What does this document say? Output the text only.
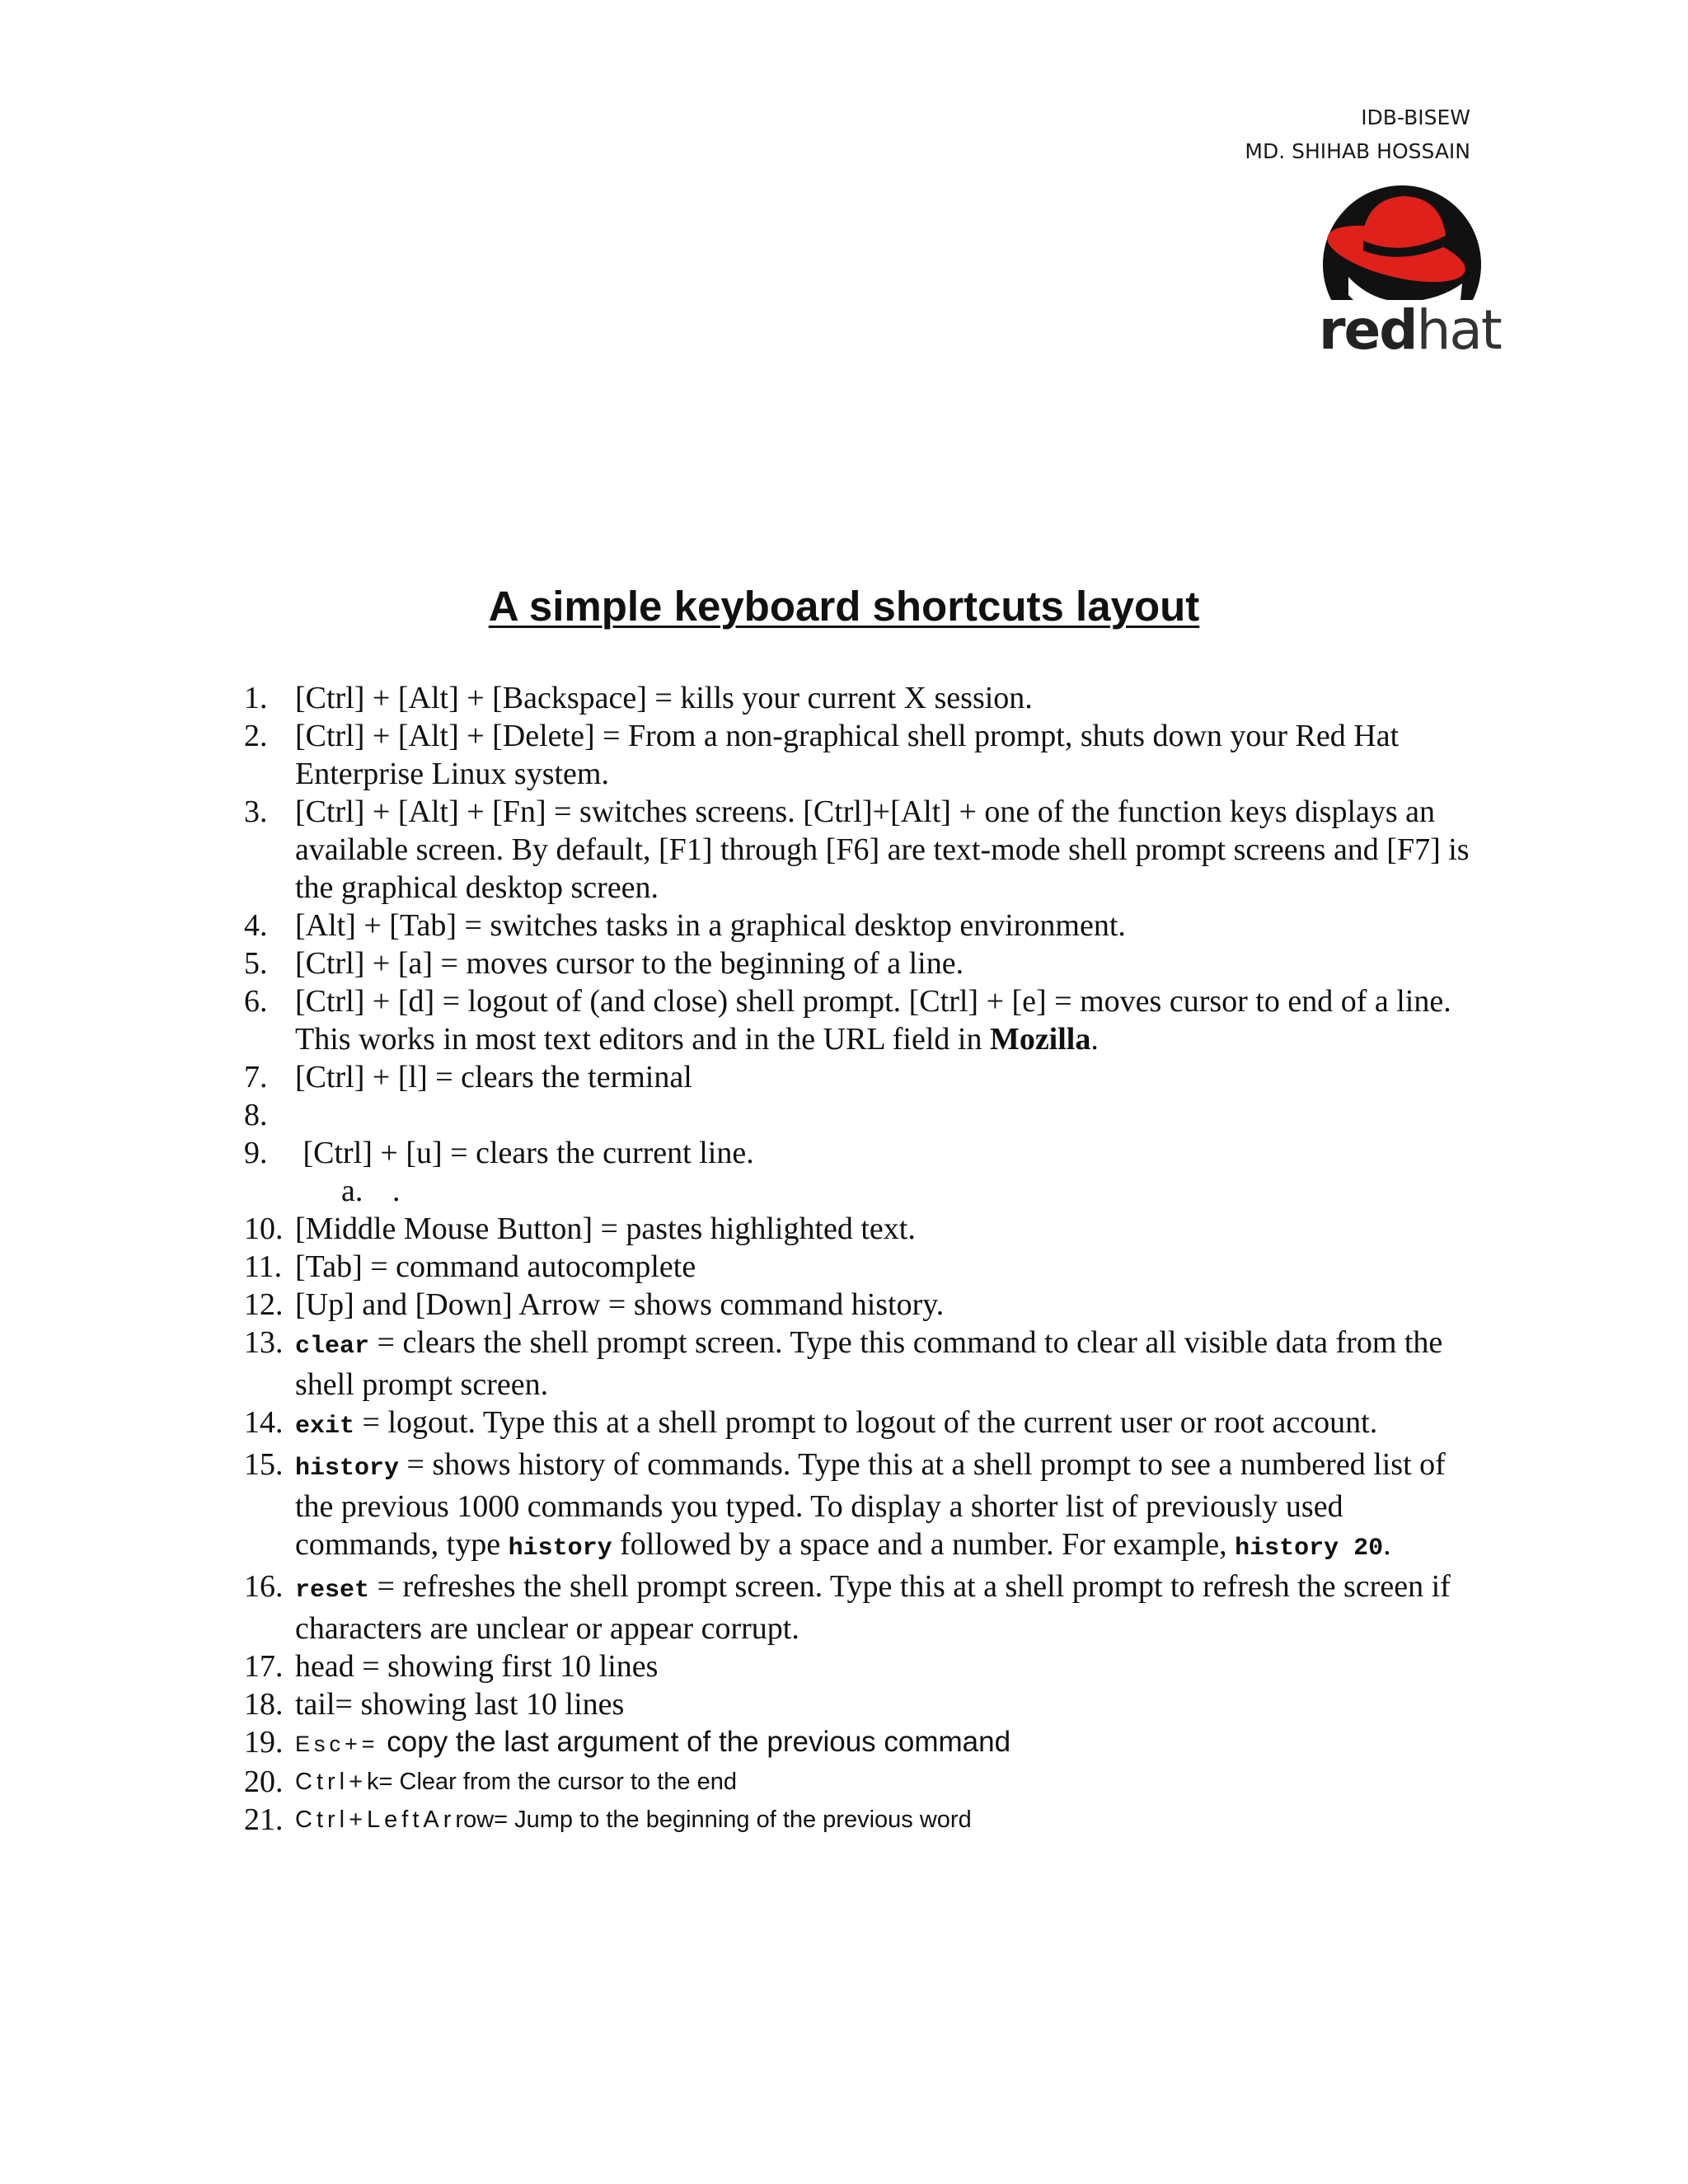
IDB-BISEW
MD. SHIHAB HOSSAIN
redhat
A simple keyboard shortcuts layout
1. [Ctrl] + [Alt] + [Backspace] = kills your current X session.
2. [Ctrl] + [Alt] + [Delete] = From a non-graphical shell prompt, shuts down your Red Hat Enterprise Linux system.
3. [Ctrl] + [Alt] + [Fn] = switches screens. [Ctrl]+[Alt] + one of the function keys displays an available screen. By default, [F1] through [F6] are text-mode shell prompt screens and [F7] is the graphical desktop screen.
4. [Alt] + [Tab] = switches tasks in a graphical desktop environment.
5. [Ctrl] + [a] = moves cursor to the beginning of a line.
6. [Ctrl] + [d] = logout of (and close) shell prompt. [Ctrl] + [e] = moves cursor to end of a line. This works in most text editors and in the URL field in Mozilla.
7. [Ctrl] + [l] = clears the terminal
8.

9. [Ctrl] + [u] = clears the current line.
a. .
10. [Middle Mouse Button] = pastes highlighted text.
11. [Tab] = command autocomplete
12. [Up] and [Down] Arrow = shows command history.
13. clear = clears the shell prompt screen. Type this command to clear all visible data from the shell prompt screen.
14. exit = logout. Type this at a shell prompt to logout of the current user or root account.
15. history = shows history of commands. Type this at a shell prompt to see a numbered list of the previous 1000 commands you typed. To display a shorter list of previously used commands, type history followed by a space and a number. For example, history 20.
16. reset = refreshes the shell prompt screen. Type this at a shell prompt to refresh the screen if characters are unclear or appear corrupt.
17. head = showing first 10 lines
18. tail= showing last 10 lines
19. Esc+= copy the last argument of the previous command
20. Ctrl+k= Clear from the cursor to the end
21. Ctrl+LeftArrow= Jump to the beginning of the previous word
